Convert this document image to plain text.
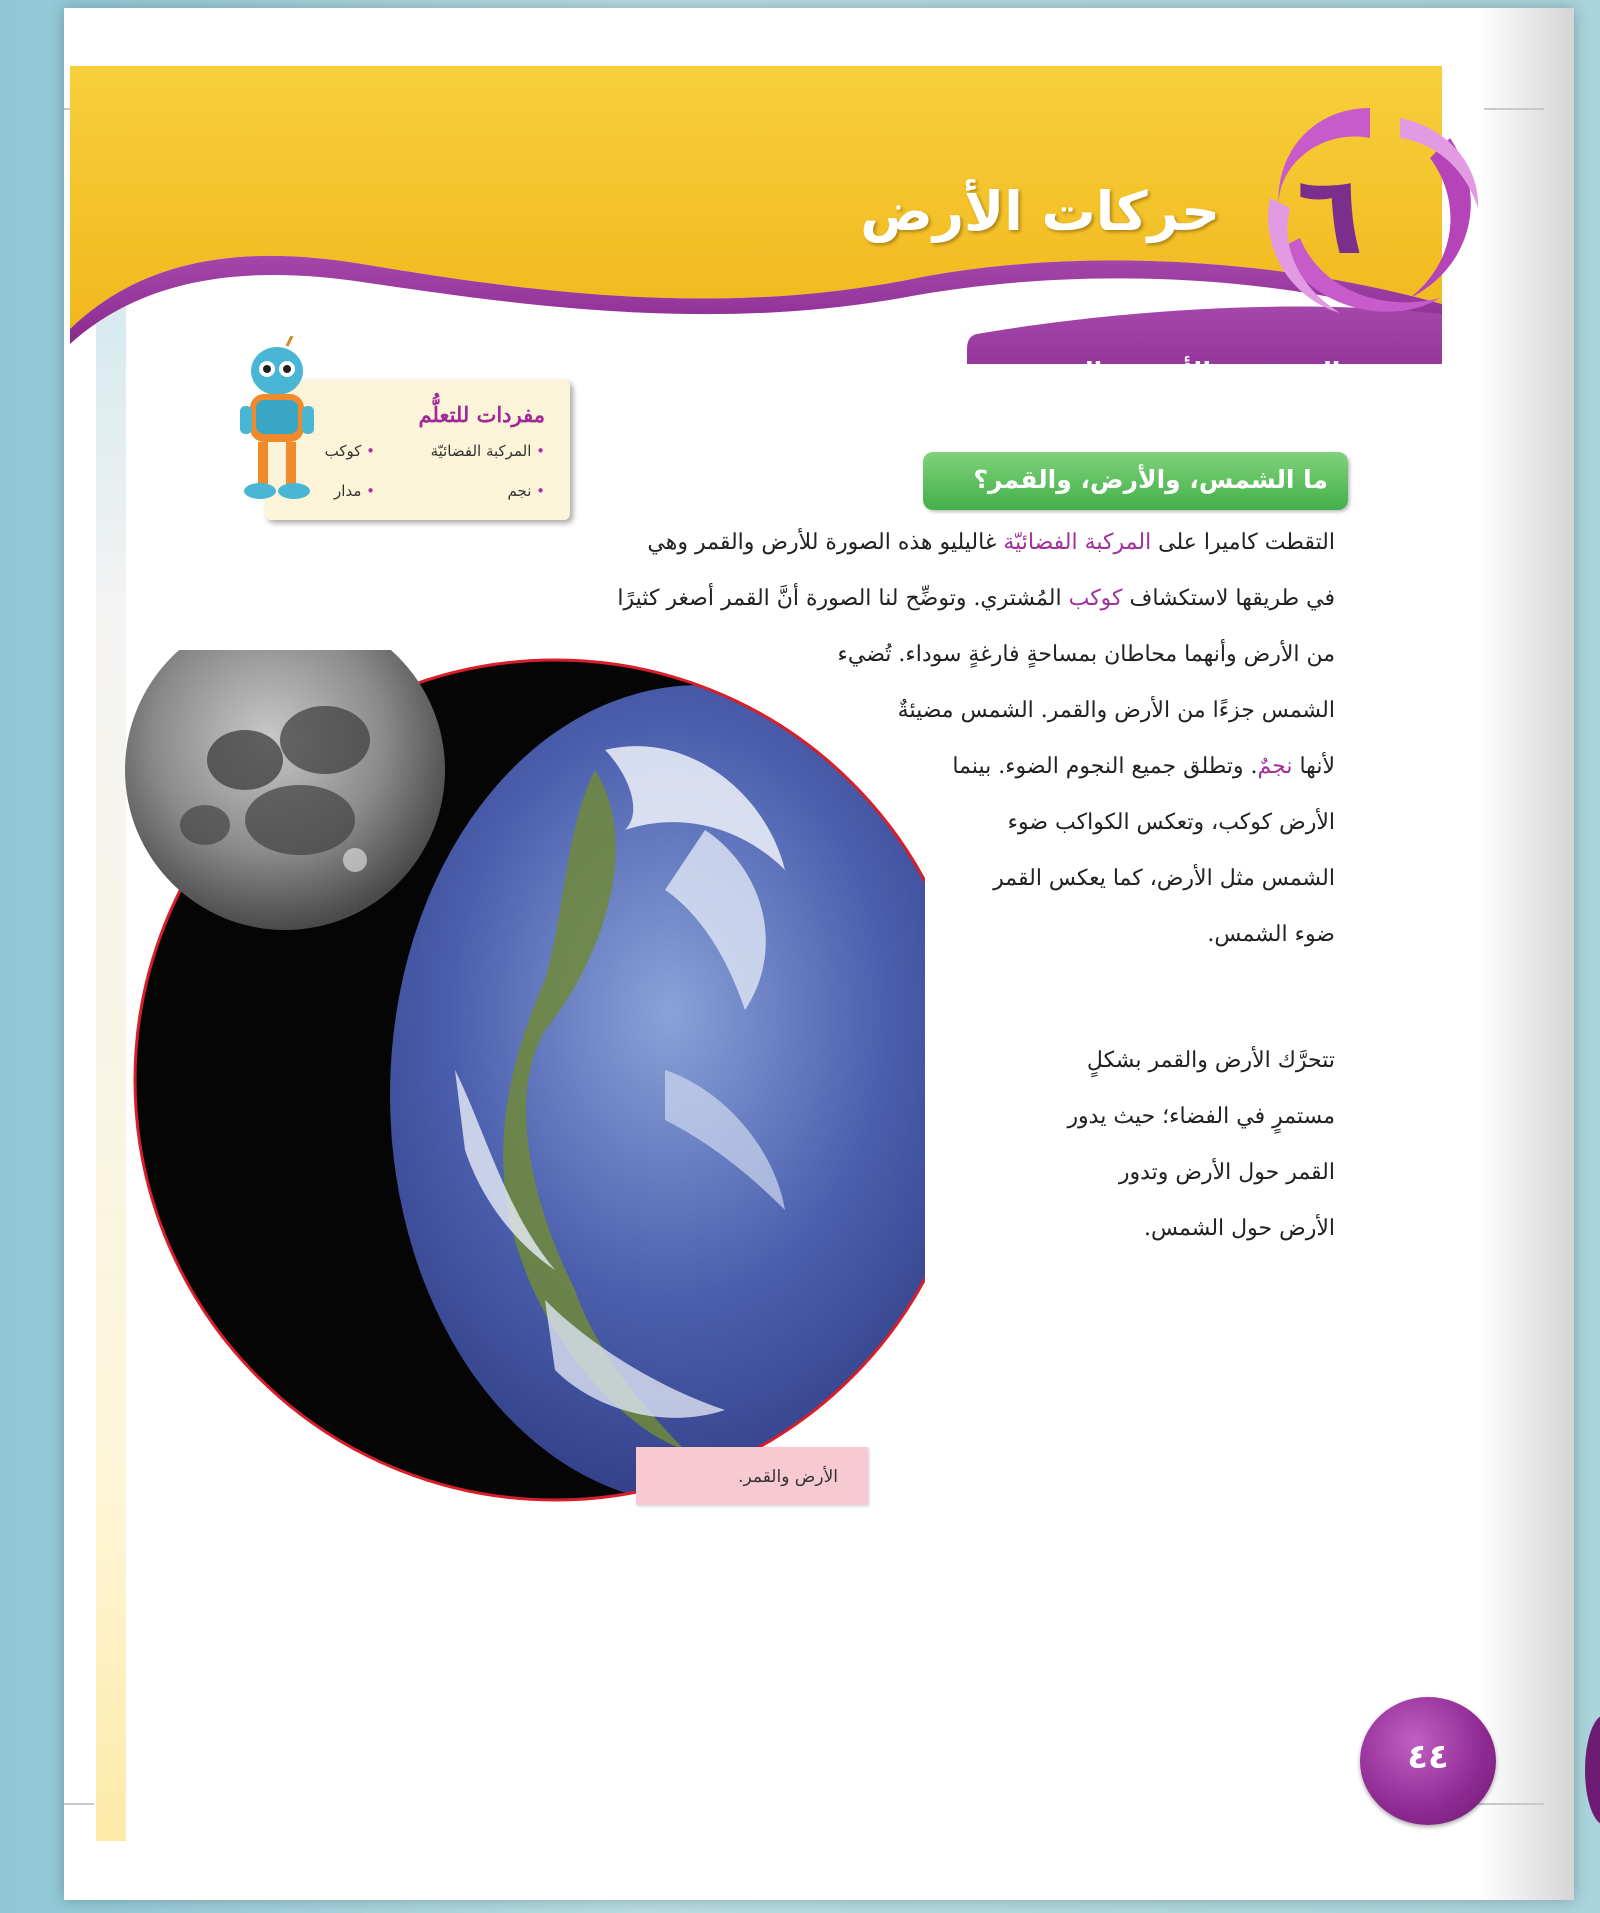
٦
حركات الأرض
١-٦ الشمس، والأرض، والقمر
مفردات للتعلُّم
• المركبة الفضائيّة
• كوكب
• نجم
• مدار	ما الشمس، والأرض، والقمر؟
التقطت كاميرا على المركبة الفضائيّة غاليليو هذه الصورة للأرض والقمر وهي
في طريقها لاستكشاف كوكب المُشتري. وتوضِّح لنا الصورة أنَّ القمر أصغر كثيرًا
من الأرض وأنهما محاطان بمساحةٍ فارغةٍ سوداء. تُضيء
الشمس جزءًا من الأرض والقمر. الشمس مضيئةٌ
لأنها نجمٌ. وتطلق جميع النجوم الضوء. بينما
الأرض كوكب، وتعكس الكواكب ضوء
الشمس مثل الأرض، كما يعكس القمر
ضوء الشمس.
تتحرَّك الأرض والقمر بشكلٍ
مستمرٍ في الفضاء؛ حيث يدور
القمر حول الأرض وتدور
الأرض حول الشمس.
الأرض والقمر.
٤٤
